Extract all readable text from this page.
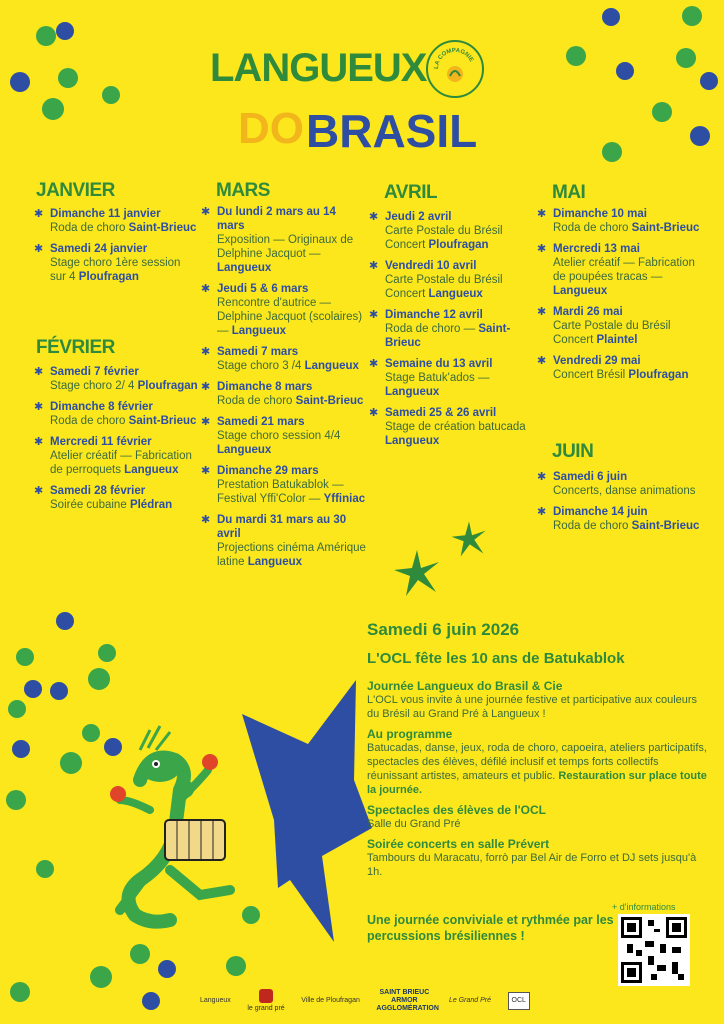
LANGUEUX
DO BRASIL
LA COMPAGNIE
JANVIER
FÉVRIER
MARS	AVRIL	MAI
JUIN
✱ Dimanche 11 janvier
Roda de choro Saint-Brieuc
✱ Samedi 24 janvier
Stage choro 1ère session sur 4 Ploufragan
✱ Samedi 7 février
Stage choro 2/ 4 Ploufragan
✱ Dimanche 8 février
Roda de choro Saint-Brieuc
✱ Mercredi 11 février
Atelier créatif — Fabrication de perroquets Langueux
✱ Samedi 28 février
Soirée cubaine Plédran
✱ Du lundi 2 mars au 14 mars
Exposition — Originaux de Delphine Jacquot — Langueux
✱ Jeudi 5 & 6 mars
Rencontre d'autrice — Delphine Jacquot (scolaires) — Langueux
✱ Samedi 7 mars
Stage choro 3 /4 Langueux
✱ Dimanche 8 mars
Roda de choro Saint-Brieuc
✱ Samedi 21 mars
Stage choro session 4/4 Langueux
✱ Dimanche 29 mars
Prestation Batukablok — Festival Yffi'Color — Yffiniac
✱ Du mardi 31 mars au 30 avril
Projections cinéma Amérique latine Langueux
✱ Jeudi 2 avril
Carte Postale du Brésil Concert Ploufragan
✱ Vendredi 10 avril
Carte Postale du Brésil Concert Langueux
✱ Dimanche 12 avril
Roda de choro — Saint-Brieuc
✱ Semaine du 13 avril
Stage Batuk'ados — Langueux
✱ Samedi 25 & 26 avril
Stage de création batucada Langueux
✱ Dimanche 10 mai
Roda de choro Saint-Brieuc
✱ Mercredi 13 mai
Atelier créatif — Fabrication de poupées tracas — Langueux
✱ Mardi 26 mai
Carte Postale du Brésil Concert Plaintel
✱ Vendredi 29 mai
Concert Brésil Ploufragan
✱ Samedi 6 juin
Concerts, danse animations
✱ Dimanche 14 juin
Roda de choro Saint-Brieuc
Samedi 6 juin 2026
L'OCL fête les 10 ans de Batukablok
Journée Langueux do Brasil & Cie
L'OCL vous invite à une journée festive et participative aux couleurs du Brésil au Grand Pré à Langueux !
Au programme
Batucadas, danse, jeux, roda de choro, capoeira, ateliers participatifs, spectacles des élèves, défilé inclusif et temps forts collectifs réunissant artistes, amateurs et public. Restauration sur place toute la journée.
Spectacles des élèves de l'OCL
Salle du Grand Pré
Soirée concerts en salle Prévert
Tambours du Maracatu, forrò par Bel Air de Forro et DJ sets jusqu'à 1h.
Une journée conviviale et rythmée par les percussions brésiliennes !
+ d'informations
Langueux
le grand pré
Ville de Ploufragan
SAINT BRIEUC ARMOR AGGLOMÉRATION
Le Grand Pré	OCL
